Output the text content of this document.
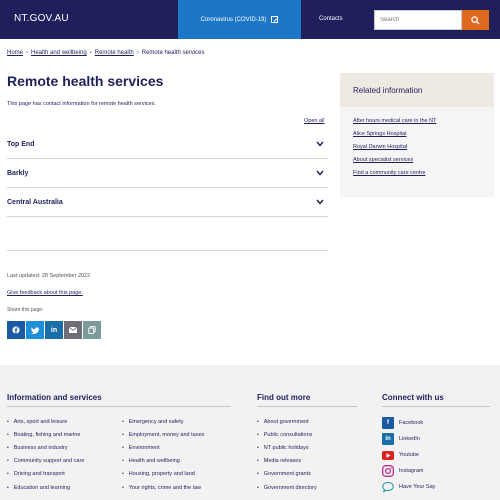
NT.GOV.AU	Coronavirus (COVID-19)	Contacts
Search
Home › Health and wellbeing › Remote health › Remote health services
Remote health services
This page has contact information for remote health services.
Open all
Top End
Barkly
Central Australia
Last updated: 28 September 2022
Give feedback about this page.
Share this page:
in
Related information
After hours medical care in the NT
Alice Springs Hospital
Royal Darwin Hospital
About specialist services
Find a community care centre
Information and services
• Arts, sport and leisure
• Boating, fishing and marine
• Business and industry
• Community support and care
• Driving and transport
• Education and learning
• Emergency and safety
• Employment, money and taxes
• Environment
• Health and wellbeing
• Housing, property and land
• Your rights, crime and the law
Find out more
• About government
• Public consultations
• NT public holidays
• Media releases
• Government grants
• Government directory
Connect with us
f	Facebook
in	LinkedIn
Youtube
Instagram
Have Your Say
